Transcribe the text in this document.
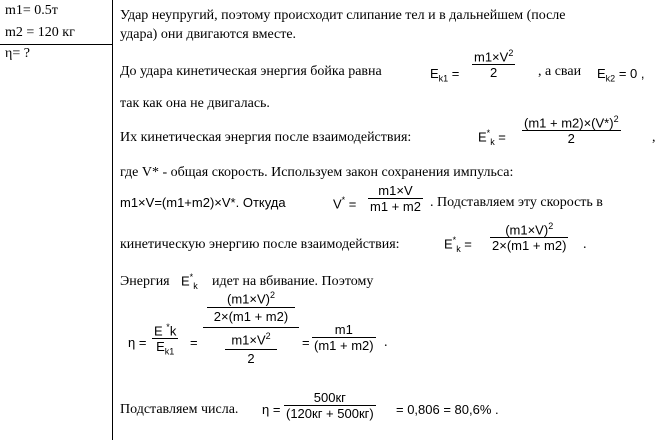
m1= 0.5т
m2 = 120 кг
η= ?
Удар неупругий, поэтому происходит слипание тел и в дальнейшем (после
удара) они двигаются вместе.
До удара кинетическая энергия бойка равна	$E_{k1}$ =
$m1\times V^2$
2	, а сваи $E_{k2} = 0$ ,
так как она не двигалась.
Их кинетическая энергия после взаимодействия:	$E^*_k$ =
$(m1 + m2)\times(V*)^2$
2	,
где V* - общая скорость. Используем закон сохранения импульса:
m1×V=(m1+m2)×V*. Откуда	V* =
m1×V
m1 + m2 . Подставляем эту скорость в
кинетическую энергию после взаимодействия:	$E^*_k$ =
$(m1\times V)^2$
2×(m1 + m2) .
Энергия $E^*_k$ идет на вбивание. Поэтому
η =
E *k
$E_{k1}$
=
$(m1\times V)^2$
2×(m1 + m2)
$m1\times V^2$
2
=
m1
(m1 + m2) .
Подставляем числа. η =
500кг
(120кг + 500кг) = 0,806 = 80,6% .
